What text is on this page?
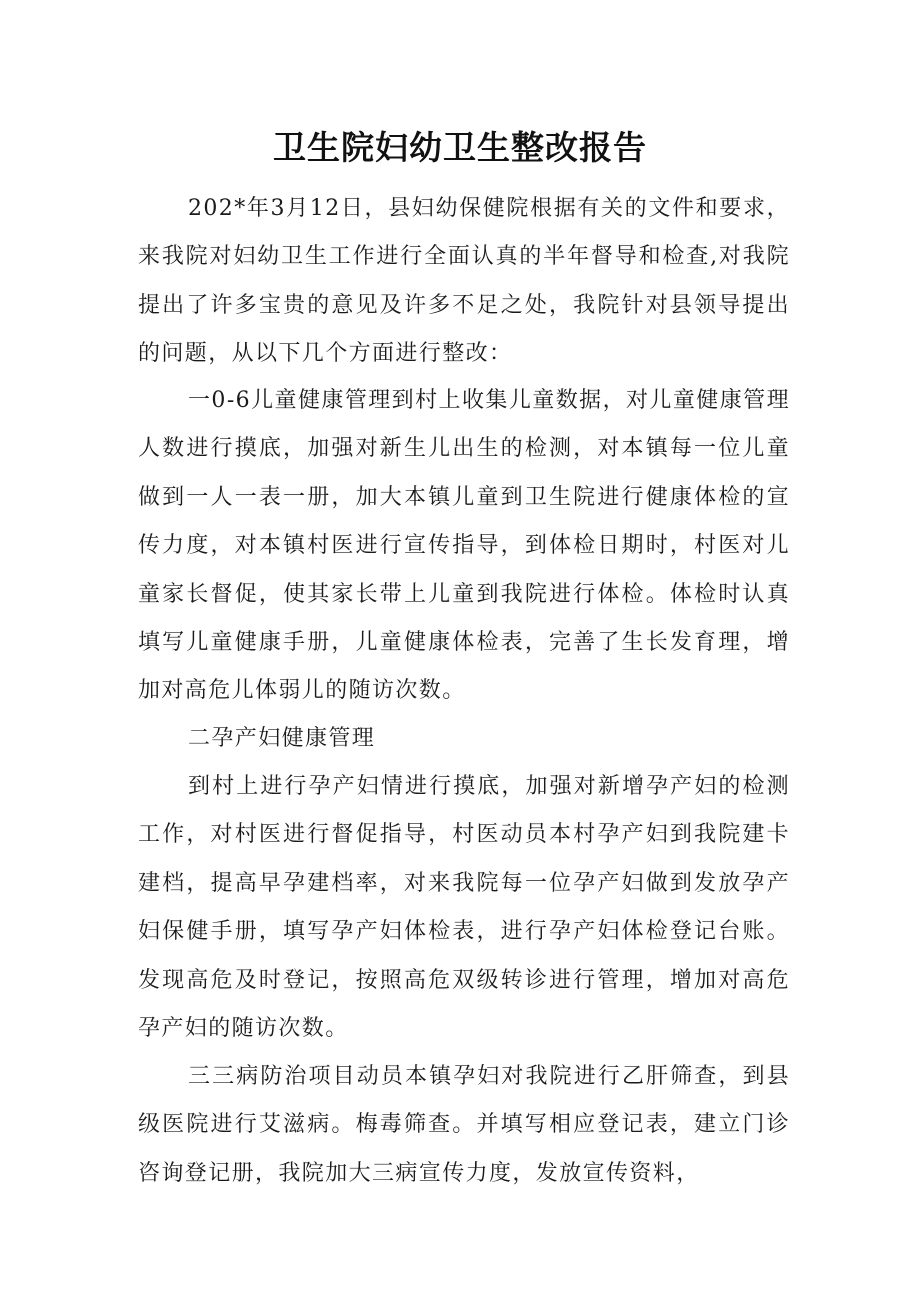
卫生院妇幼卫生整改报告

202*年3月12日，县妇幼保健院根据有关的文件和要求，来我院对妇幼卫生工作进行全面认真的半年督导和检查,对我院提出了许多宝贵的意见及许多不足之处，我院针对县领导提出的问题，从以下几个方面进行整改：

一0-6儿童健康管理到村上收集儿童数据，对儿童健康管理人数进行摸底，加强对新生儿出生的检测，对本镇每一位儿童做到一人一表一册，加大本镇儿童到卫生院进行健康体检的宣传力度，对本镇村医进行宣传指导，到体检日期时，村医对儿童家长督促，使其家长带上儿童到我院进行体检。体检时认真填写儿童健康手册，儿童健康体检表，完善了生长发育理，增加对高危儿体弱儿的随访次数。

二孕产妇健康管理

到村上进行孕产妇情进行摸底，加强对新增孕产妇的检测工作，对村医进行督促指导，村医动员本村孕产妇到我院建卡建档，提高早孕建档率，对来我院每一位孕产妇做到发放孕产妇保健手册，填写孕产妇体检表，进行孕产妇体检登记台账。发现高危及时登记，按照高危双级转诊进行管理，增加对高危孕产妇的随访次数。

三三病防治项目动员本镇孕妇对我院进行乙肝筛查，到县级医院进行艾滋病。梅毒筛查。并填写相应登记表，建立门诊咨询登记册，我院加大三病宣传力度，发放宣传资料，
